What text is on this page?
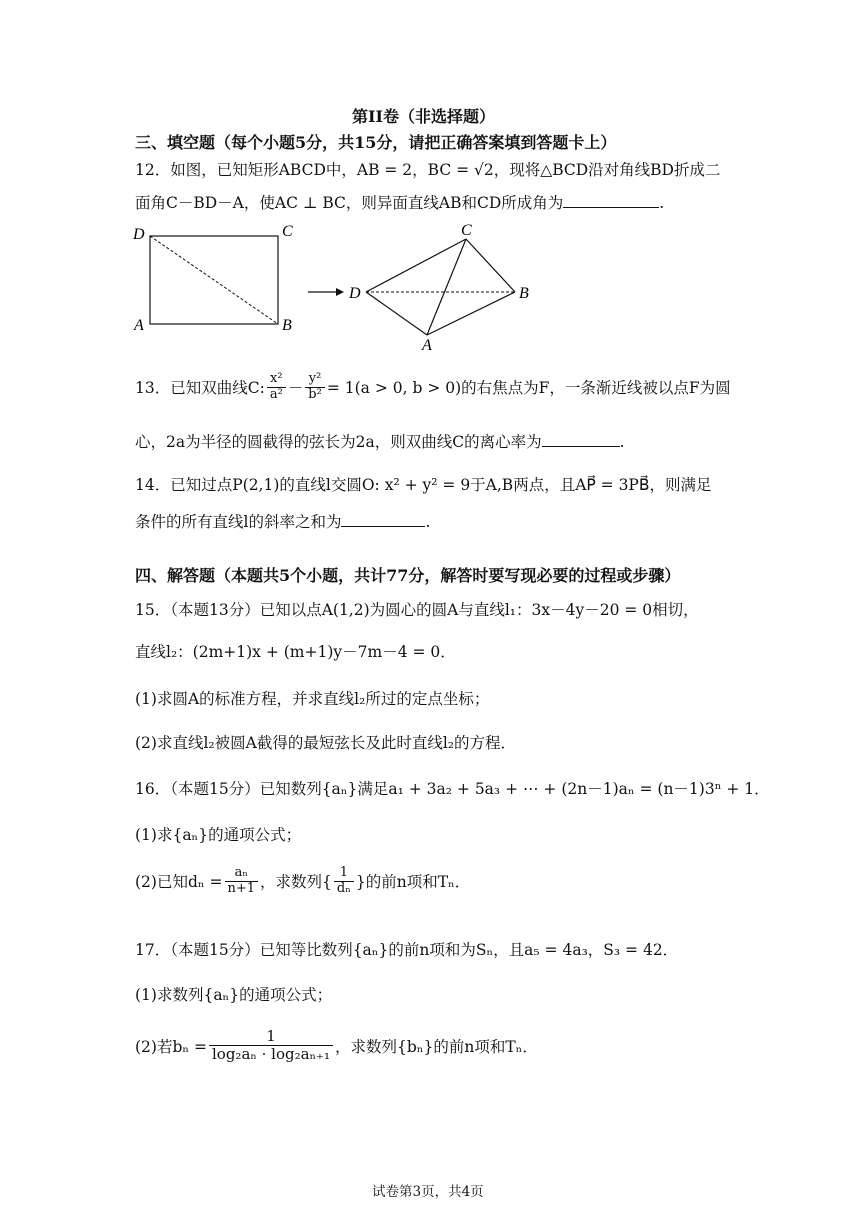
第II卷（非选择题）
三、填空题（每个小题5分，共15分，请把正确答案填到答题卡上）
12．如图，已知矩形ABCD中，AB = 2，BC = √2，现将△BCD沿对角线BD折成二
面角C－BD－A，使AC ⊥ BC，则异面直线AB和CD所成角为	.
D	C
A	B
C
D	B
A
13．已知双曲线C: $\frac{\text{x²}}{\text{a²}} - \frac{\text{y²}}{\text{b²}} = 1(a > 0$, b > 0)的右焦点为F，一条渐近线被以点F为圆
心，2a为半径的圆截得的弦长为2a，则双曲线C的离心率为	.
14．已知过点P(2,1)的直线l交圆O: x² + y² = 9于A,B两点，且AP⃗ = 3PB⃗，则满足
条件的所有直线l的斜率之和为	.
四、解答题（本题共5个小题，共计77分，解答时要写现必要的过程或步骤）
15．（本题13分）已知以点A(1,2)为圆心的圆A与直线l₁：3x－4y－20 = 0相切，
直线l₂：(2m+1)x + (m+1)y－7m－4 = 0．
(1)求圆A的标准方程，并求直线l₂所过的定点坐标；
(2)求直线l₂被圆A截得的最短弦长及此时直线l₂的方程．
16．（本题15分）已知数列{aₙ}满足a₁ + 3a₂ + 5a₃ + ⋯ + (2n－1)aₙ = (n－1)3ⁿ + 1．
(1)求{aₙ}的通项公式；
(2)已知$d_n = \frac{\text{aₙ}}{n+1}$ ，求数列{ $\frac{1}{\text{dₙ}}$ }的前n项和Tₙ．
17．（本题15分）已知等比数列{aₙ}的前n项和为Sₙ，且a₅ = 4a₃，S₃ = 42．
(1)求数列{aₙ}的通项公式；
(2)若$b_n = \frac{1}{\text{log₂aₙ · log₂aₙ₊₁}}$ ，求数列{bₙ}的前n项和Tₙ．
试卷第3页，共4页
